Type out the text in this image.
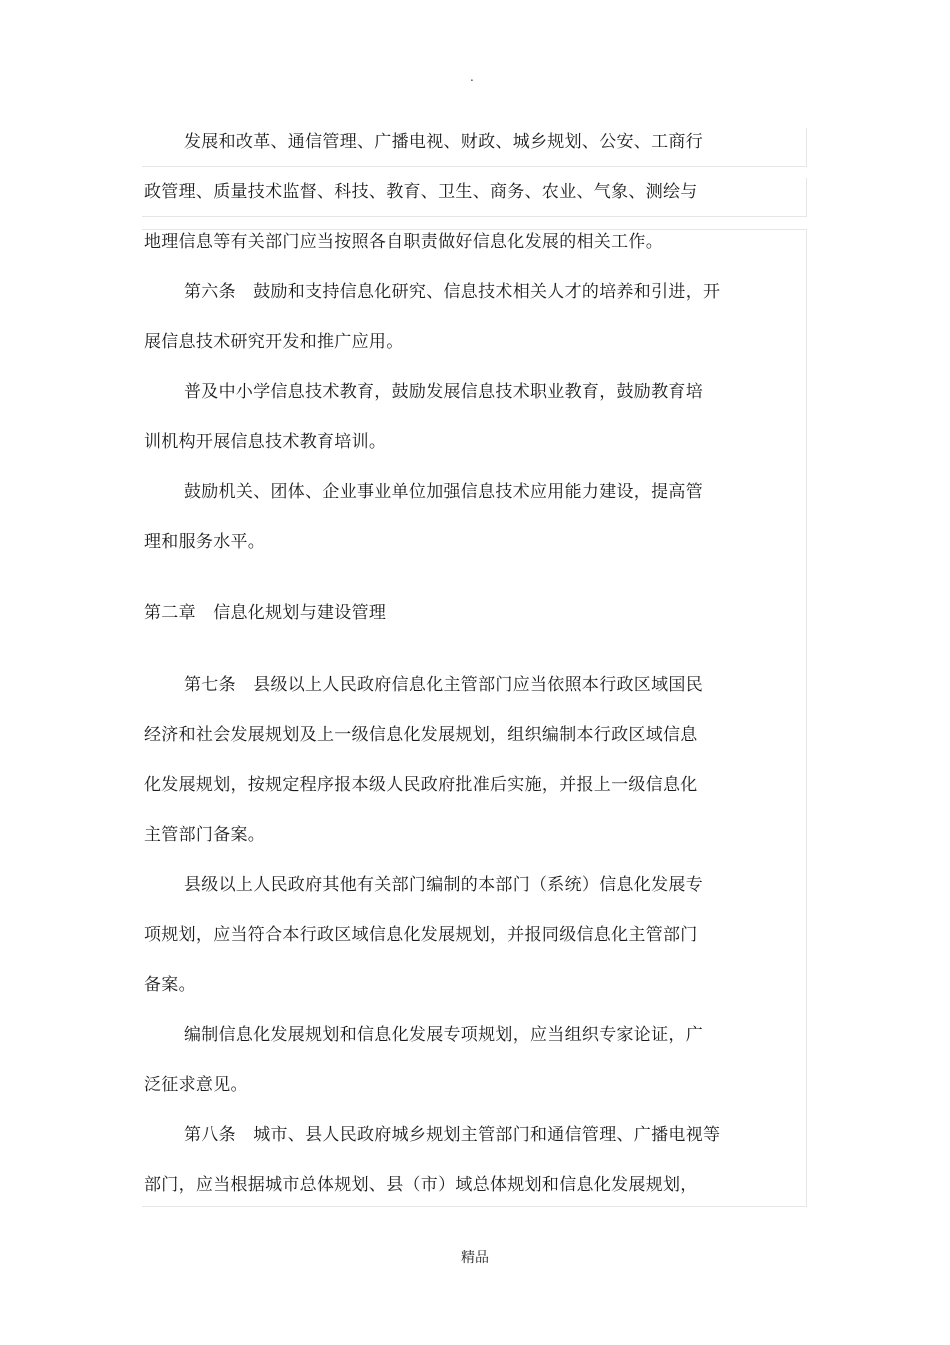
.
发展和改革、通信管理、广播电视、财政、城乡规划、公安、工商行
政管理、质量技术监督、科技、教育、卫生、商务、农业、气象、测绘与
地理信息等有关部门应当按照各自职责做好信息化发展的相关工作。
第六条　鼓励和支持信息化研究、信息技术相关人才的培养和引进，开
展信息技术研究开发和推广应用。
普及中小学信息技术教育，鼓励发展信息技术职业教育，鼓励教育培
训机构开展信息技术教育培训。
鼓励机关、团体、企业事业单位加强信息技术应用能力建设，提高管
理和服务水平。
第二章　信息化规划与建设管理
第七条　县级以上人民政府信息化主管部门应当依照本行政区域国民
经济和社会发展规划及上一级信息化发展规划，组织编制本行政区域信息
化发展规划，按规定程序报本级人民政府批准后实施，并报上一级信息化
主管部门备案。
县级以上人民政府其他有关部门编制的本部门（系统）信息化发展专
项规划，应当符合本行政区域信息化发展规划，并报同级信息化主管部门
备案。
编制信息化发展规划和信息化发展专项规划，应当组织专家论证，广
泛征求意见。
第八条　城市、县人民政府城乡规划主管部门和通信管理、广播电视等
部门，应当根据城市总体规划、县（市）域总体规划和信息化发展规划，
精品
